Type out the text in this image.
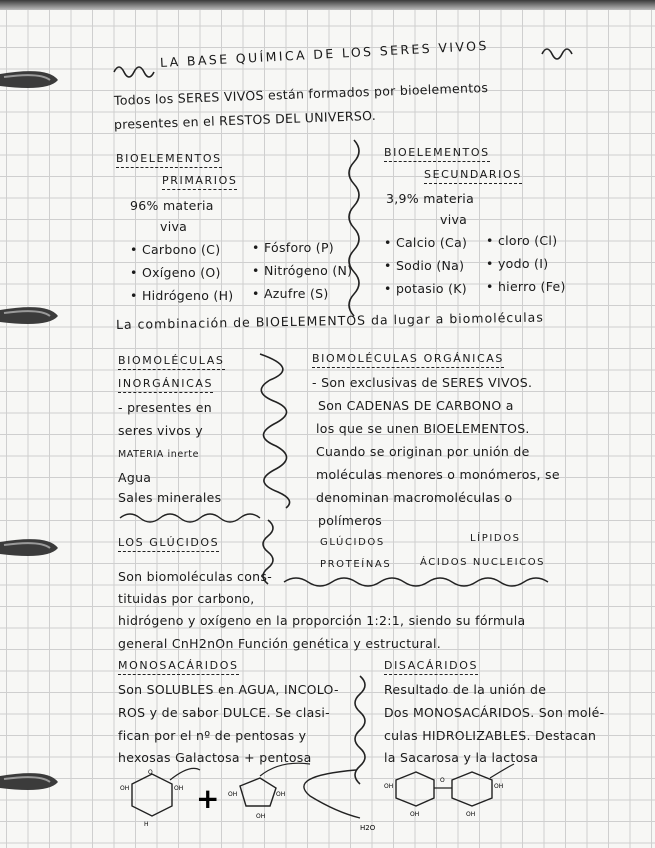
LA BASE QUÍMICA DE LOS SERES VIVOS
Todos los SERES VIVOS están formados por bioelementos
presentes en el RESTOS DEL UNIVERSO.
BIOELEMENTOS
PRIMARIOS
96% materia
viva
• Carbono (C)
• Oxígeno (O)
• Hidrógeno (H)
• Fósforo (P)
• Nitrógeno (N)
• Azufre (S)
BIOELEMENTOS
SECUNDARIOS
3,9% materia
viva
• Calcio (Ca)
• Sodio (Na)
• potasio (K)
• cloro (Cl)
• yodo (I)
• hierro (Fe)
La combinación de BIOELEMENTOS da lugar a biomoléculas
BIOMOLÉCULAS
INORGÁNICAS
- presentes en
seres vivos y
MATERIA inerte
Agua
Sales minerales
BIOMOLÉCULAS ORGÁNICAS
- Son exclusivas de SERES VIVOS.
Son CADENAS DE CARBONO a
los que se unen BIOELEMENTOS.
Cuando se originan por unión de
moléculas menores o monómeros, se
denominan macromoléculas o
polímeros
GLÚCIDOS	LÍPIDOS
PROTEÍNAS	ÁCIDOS NUCLEICOS
LOS GLÚCIDOS
Son biomoléculas cons-
tituidas por carbono,
hidrógeno y oxígeno en la proporción 1:2:1, siendo su fórmula
general CnH2nOn Función genética y estructural.
MONOSACÁRIDOS
Son SOLUBLES en AGUA, INCOLO-
ROS y de sabor DULCE. Se clasi-
fican por el nº de pentosas y
hexosas Galactosa + pentosa
DISACÁRIDOS
Resultado de la unión de
Dos MONOSACÁRIDOS. Son molé-
culas HIDROLIZABLES. Destacan
la Sacarosa y la lactosa
OH	OH
O
H
+ OH	OH
OH
H2O
OH
OH
O
OH
OH
